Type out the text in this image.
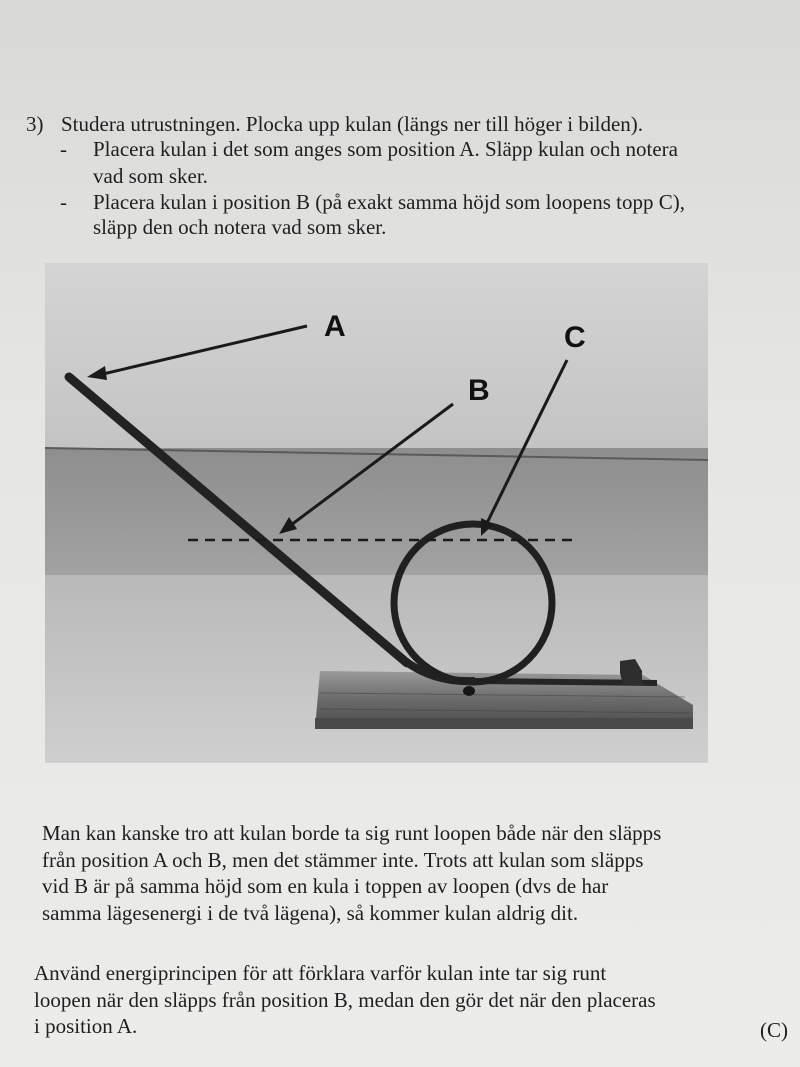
3) Studera utrustningen. Plocka upp kulan (längs ner till höger i bilden).
- Placera kulan i det som anges som position A. Släpp kulan och notera
vad som sker.
- Placera kulan i position B (på exakt samma höjd som loopens topp C),
släpp den och notera vad som sker.
A
B
C
Man kan kanske tro att kulan borde ta sig runt loopen både när den släpps
från position A och B, men det stämmer inte. Trots att kulan som släpps
vid B är på samma höjd som en kula i toppen av loopen (dvs de har
samma lägesenergi i de två lägena), så kommer kulan aldrig dit.
Använd energiprincipen för att förklara varför kulan inte tar sig runt
loopen när den släpps från position B, medan den gör det när den placeras
i position A.	(C)
